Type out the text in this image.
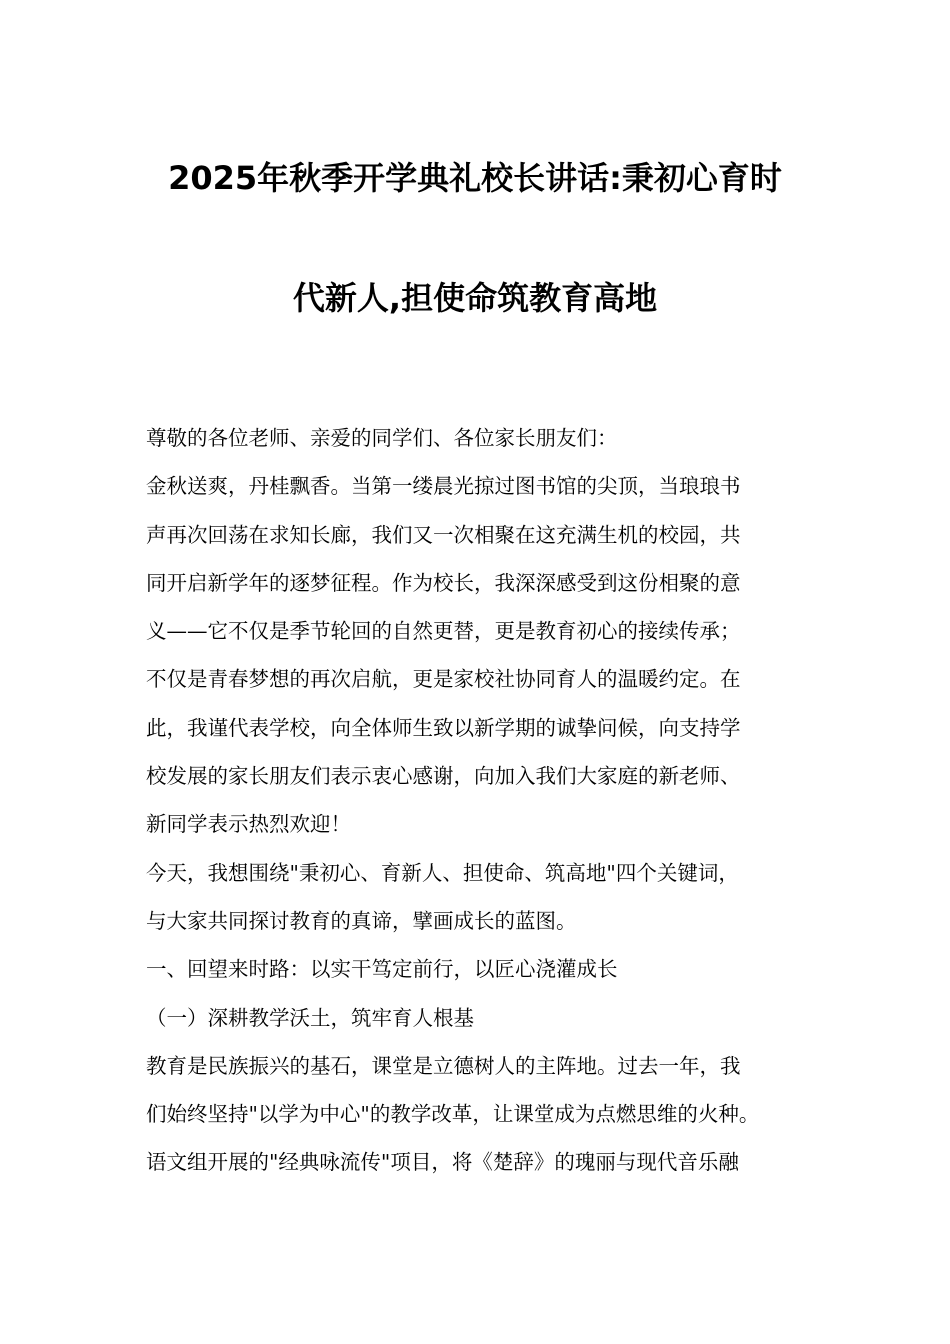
2025年秋季开学典礼校长讲话:秉初心育时
代新人,担使命筑教育高地
尊敬的各位老师、亲爱的同学们、各位家长朋友们：
金秋送爽，丹桂飘香。当第一缕晨光掠过图书馆的尖顶，当琅琅书
声再次回荡在求知长廊，我们又一次相聚在这充满生机的校园，共
同开启新学年的逐梦征程。作为校长，我深深感受到这份相聚的意
义——它不仅是季节轮回的自然更替，更是教育初心的接续传承；
不仅是青春梦想的再次启航，更是家校社协同育人的温暖约定。在
此，我谨代表学校，向全体师生致以新学期的诚挚问候，向支持学
校发展的家长朋友们表示衷心感谢，向加入我们大家庭的新老师、
新同学表示热烈欢迎！
今天，我想围绕"秉初心、育新人、担使命、筑高地"四个关键词，
与大家共同探讨教育的真谛，擘画成长的蓝图。
一、回望来时路：以实干笃定前行，以匠心浇灌成长
（一）深耕教学沃土，筑牢育人根基
教育是民族振兴的基石，课堂是立德树人的主阵地。过去一年，我
们始终坚持"以学为中心"的教学改革，让课堂成为点燃思维的火种。
语文组开展的"经典咏流传"项目，将《楚辞》的瑰丽与现代音乐融
